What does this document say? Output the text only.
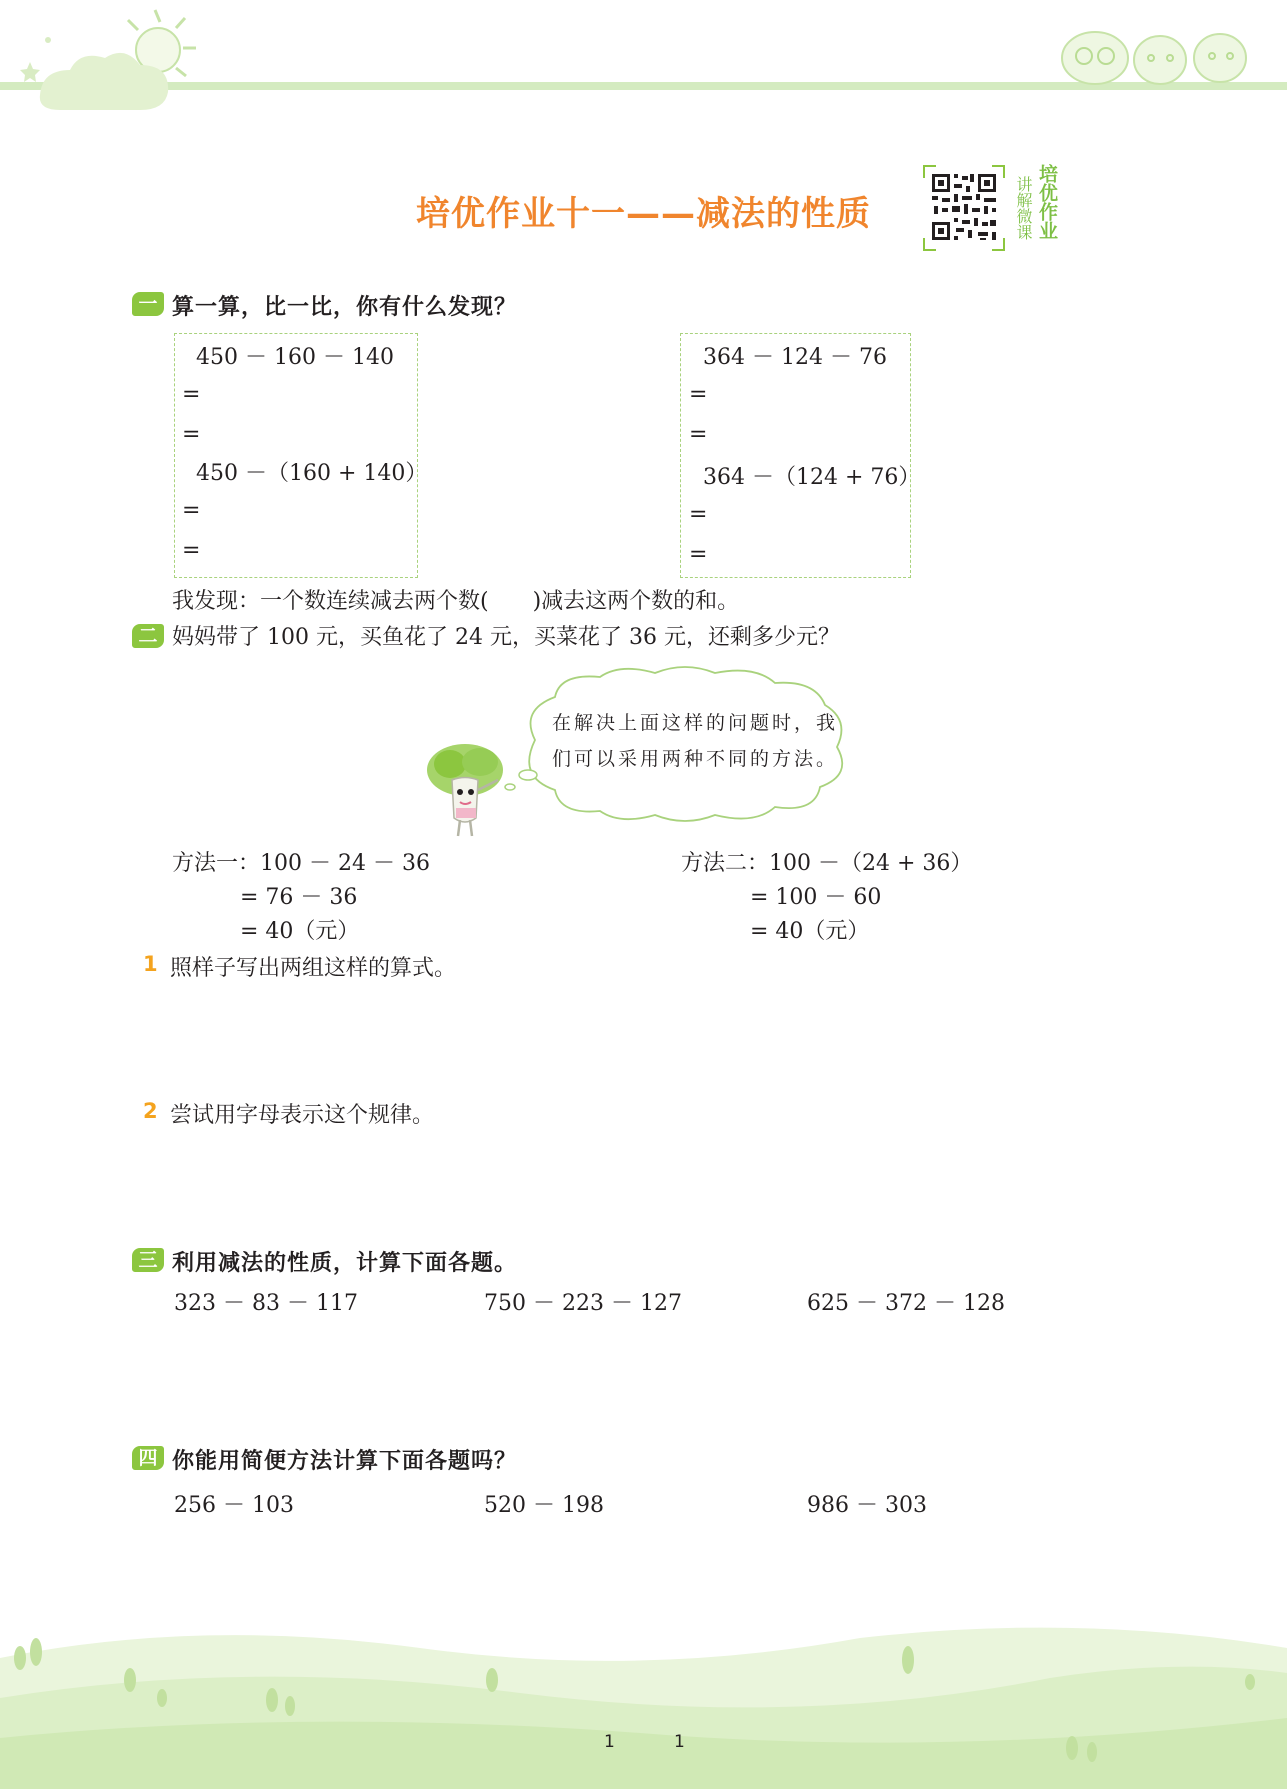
培优作业十一——减法的性质	讲解微课 培优作业
一 算一算，比一比，你有什么发现？
450 － 160 － 140
=
=
450 －（160 + 140）
=
=
364 － 124 － 76
=
=
364 －（124 + 76）
=
=
我发现：一个数连续减去两个数(　　)减去这两个数的和。
二 妈妈带了 100 元，买鱼花了 24 元，买菜花了 36 元，还剩多少元？
在解决上面这样的问题时，我
们可以采用两种不同的方法。
方法一：100 － 24 － 36
= 76 － 36
= 40（元）
方法二：100 －（24 + 36）
= 100 － 60
= 40（元）
1 照样子写出两组这样的算式。
2 尝试用字母表示这个规律。
三 利用减法的性质，计算下面各题。
323 － 83 － 117	750 － 223 － 127	625 － 372 － 128
四 你能用简便方法计算下面各题吗？
256 － 103	520 － 198	986 － 303
1	1
